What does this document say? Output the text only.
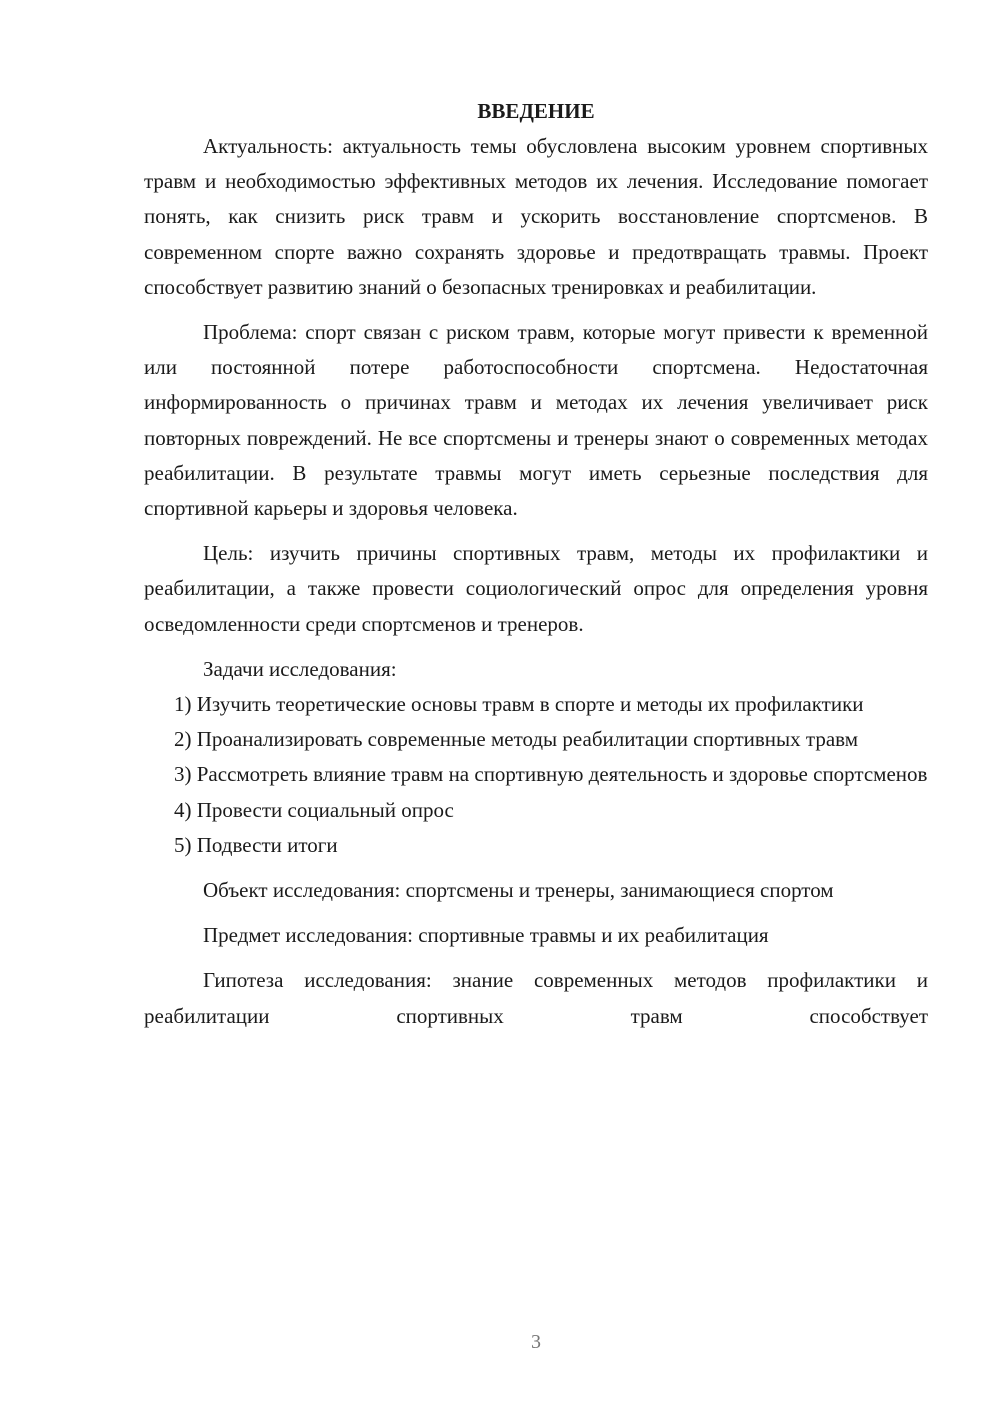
ВВЕДЕНИЕ

Актуальность: актуальность темы обусловлена высоким уровнем спортивных травм и необходимостью эффективных методов их лечения. Исследование помогает понять, как снизить риск травм и ускорить восстановление спортсменов. В современном спорте важно сохранять здоровье и предотвращать травмы. Проект способствует развитию знаний о безопасных тренировках и реабилитации.

Проблема: спорт связан с риском травм, которые могут привести к временной или постоянной потере работоспособности спортсмена. Недостаточная информированность о причинах травм и методах их лечения увеличивает риск повторных повреждений. Не все спортсмены и тренеры знают о современных методах реабилитации. В результате травмы могут иметь серьезные последствия для спортивной карьеры и здоровья человека.

Цель: изучить причины спортивных травм, методы их профилактики и реабилитации, а также провести социологический опрос для определения уровня осведомленности среди спортсменов и тренеров.

Задачи исследования:

1) Изучить теоретические основы травм в спорте и методы их профилактики

2) Проанализировать современные методы реабилитации спортивных травм

3) Рассмотреть влияние травм на спортивную деятельность и здоровье спортсменов

4) Провести социальный опрос

5) Подвести итоги

Объект исследования: спортсмены и тренеры, занимающиеся спортом

Предмет исследования: спортивные травмы и их реабилитация

Гипотеза исследования: знание современных методов профилактики и реабилитации спортивных травм способствует

3
